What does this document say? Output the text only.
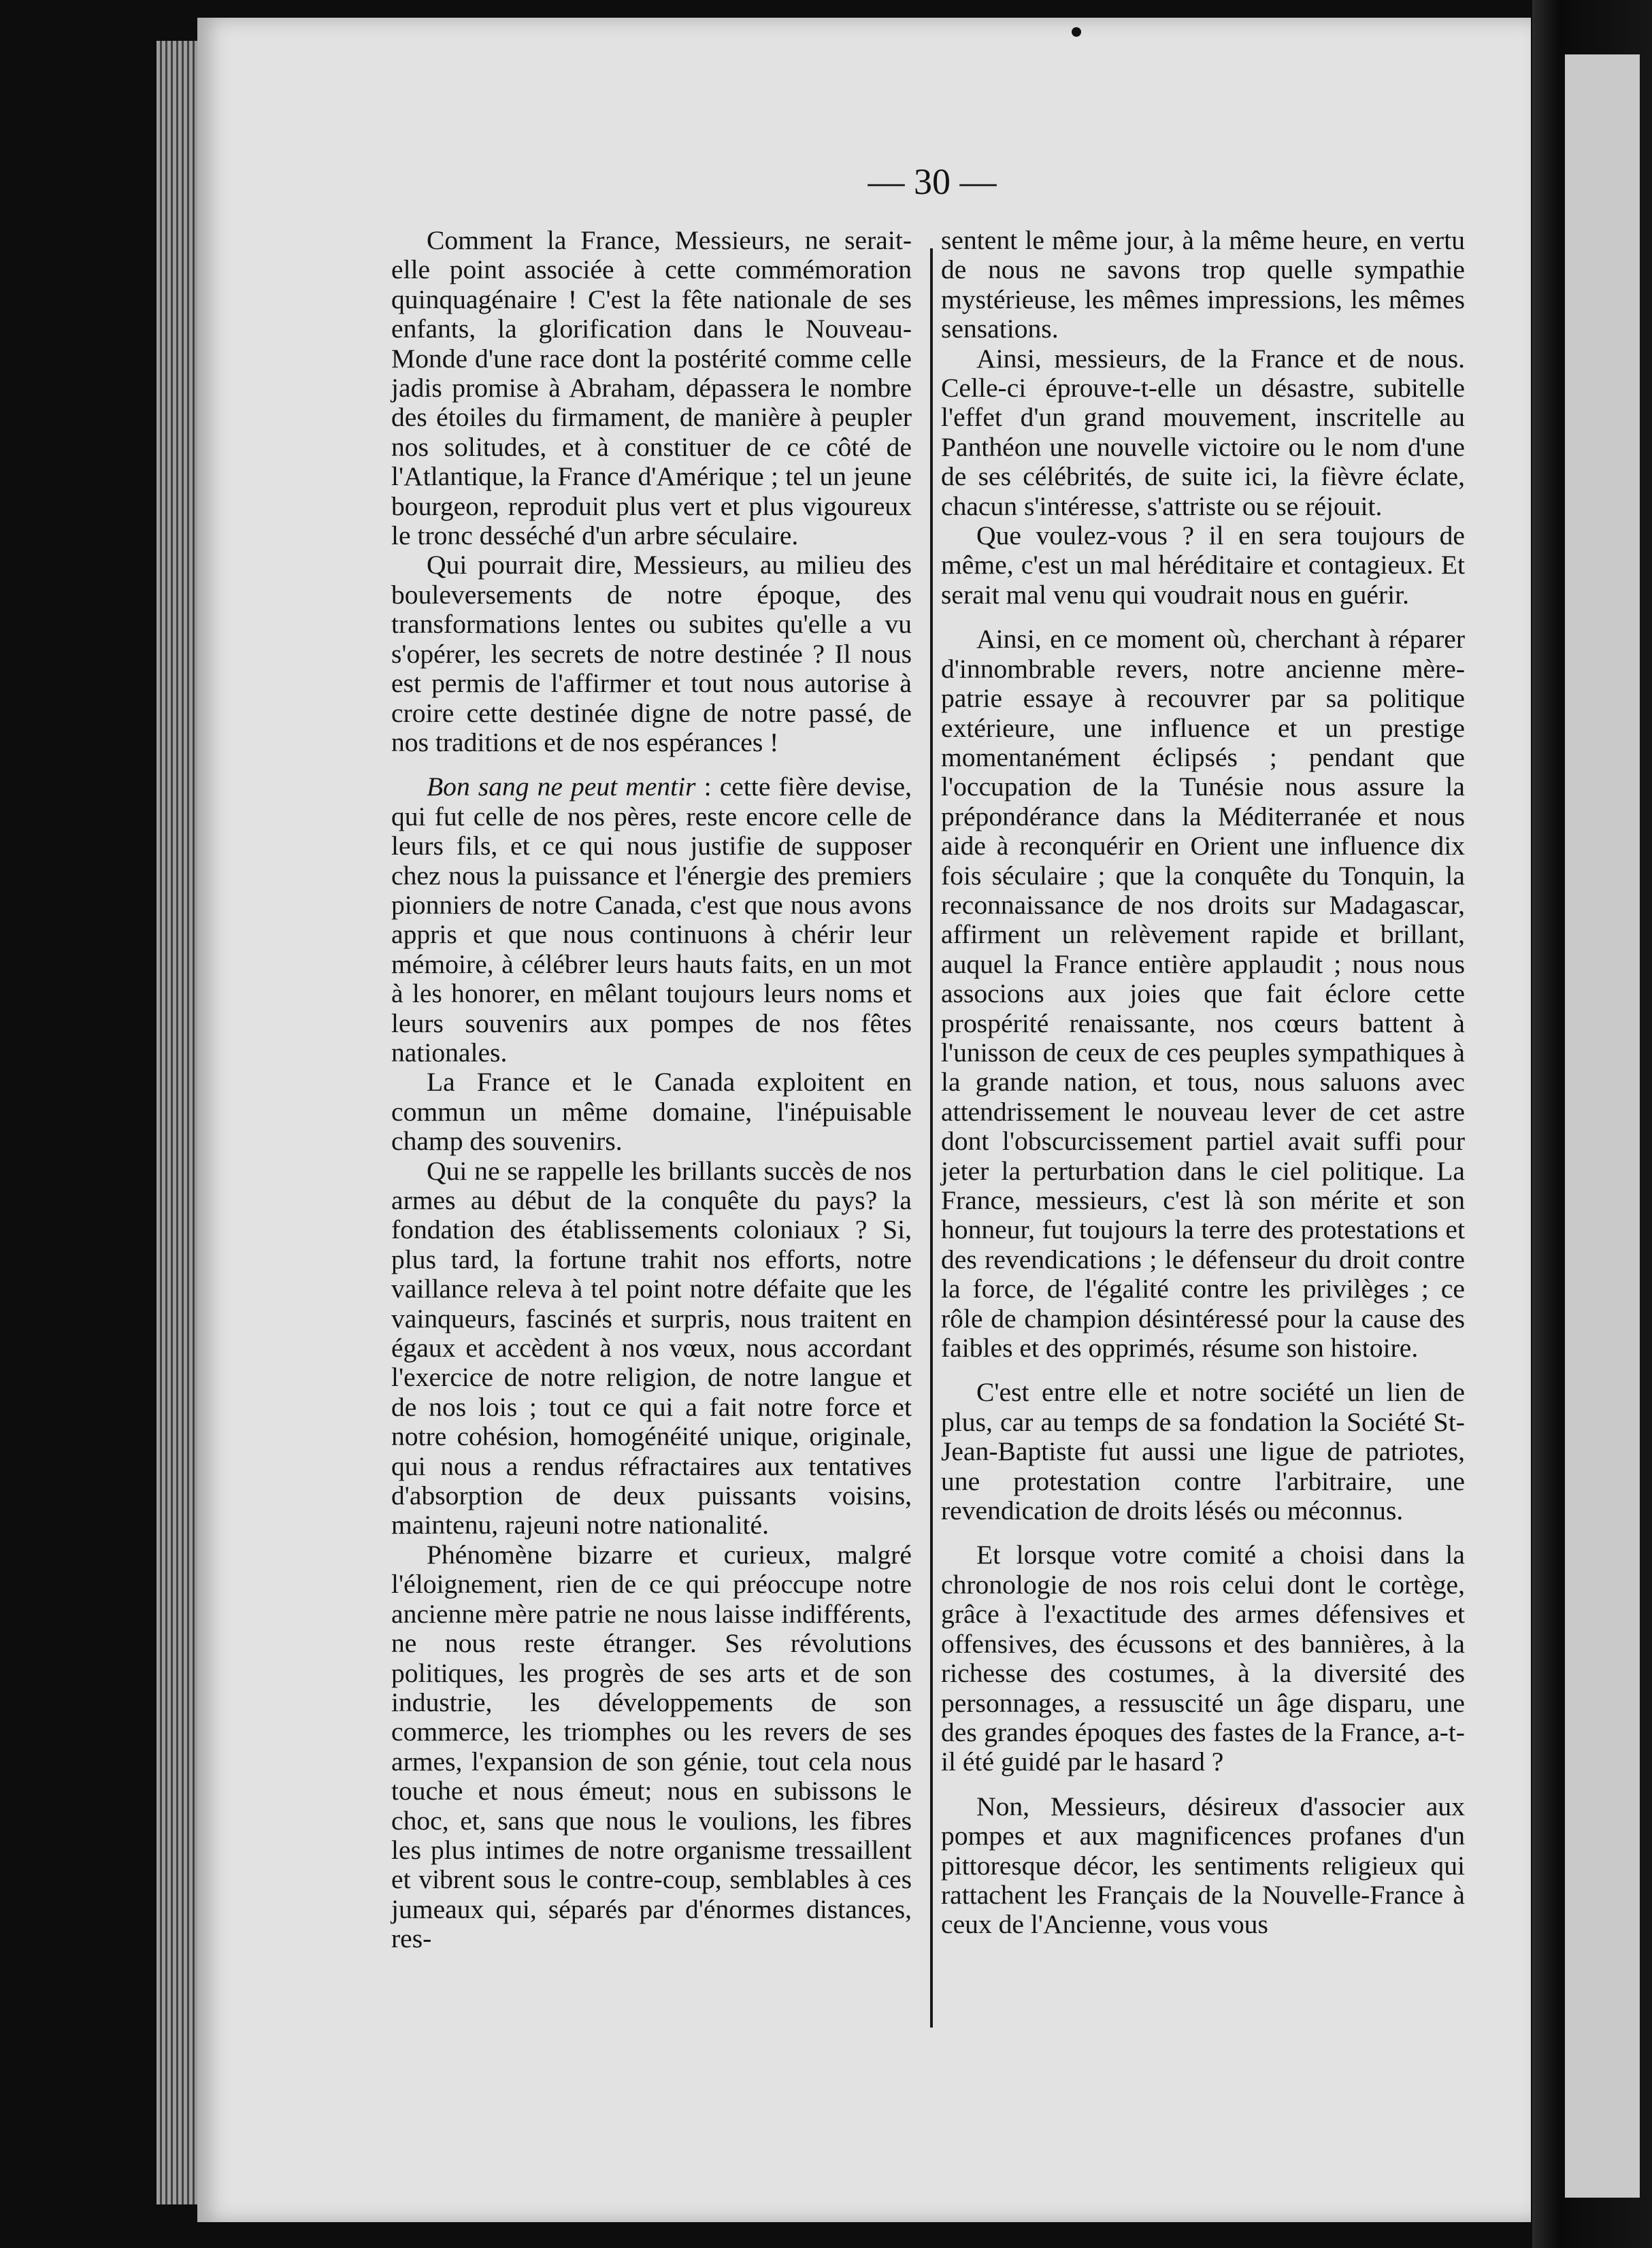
— 30 —

Comment la France, Messieurs, ne serait-elle point associée à cette commémoration quinquagénaire ! C'est la fête nationale de ses enfants, la glorification dans le Nouveau-Monde d'une race dont la postérité comme celle jadis promise à Abraham, dépassera le nombre des étoiles du firmament, de manière à peupler nos solitudes, et à constituer de ce côté de l'Atlantique, la France d'Amérique ; tel un jeune bourgeon, reproduit plus vert et plus vigoureux le tronc desséché d'un arbre séculaire.

Qui pourrait dire, Messieurs, au milieu des bouleversements de notre époque, des transformations lentes ou subites qu'elle a vu s'opérer, les secrets de notre destinée ? Il nous est permis de l'affirmer et tout nous autorise à croire cette destinée digne de notre passé, de nos traditions et de nos espérances !

Bon sang ne peut mentir : cette fière devise, qui fut celle de nos pères, reste encore celle de leurs fils, et ce qui nous justifie de supposer chez nous la puissance et l'énergie des premiers pionniers de notre Canada, c'est que nous avons appris et que nous continuons à chérir leur mémoire, à célébrer leurs hauts faits, en un mot à les honorer, en mêlant toujours leurs noms et leurs souvenirs aux pompes de nos fêtes nationales.

La France et le Canada exploitent en commun un même domaine, l'inépuisable champ des souvenirs.

Qui ne se rappelle les brillants succès de nos armes au début de la conquête du pays? la fondation des établissements coloniaux ? Si, plus tard, la fortune trahit nos efforts, notre vaillance releva à tel point notre défaite que les vainqueurs, fascinés et surpris, nous traitent en égaux et accèdent à nos vœux, nous accordant l'exercice de notre religion, de notre langue et de nos lois ; tout ce qui a fait notre force et notre cohésion, homogénéité unique, originale, qui nous a rendus réfractaires aux tentatives d'absorption de deux puissants voisins, maintenu, rajeuni notre nationalité.

Phénomène bizarre et curieux, malgré l'éloignement, rien de ce qui préoccupe notre ancienne mère patrie ne nous laisse indifférents, ne nous reste étranger. Ses révolutions politiques, les progrès de ses arts et de son industrie, les développements de son commerce, les triomphes ou les revers de ses armes, l'expansion de son génie, tout cela nous touche et nous émeut; nous en subissons le choc, et, sans que nous le voulions, les fibres les plus intimes de notre organisme tressaillent et vibrent sous le contre-coup, semblables à ces jumeaux qui, séparés par d'énormes distances, res-

sentent le même jour, à la même heure, en vertu de nous ne savons trop quelle sympathie mystérieuse, les mêmes impressions, les mêmes sensations.

Ainsi, messieurs, de la France et de nous. Celle-ci éprouve-t-elle un désastre, subitelle l'effet d'un grand mouvement, inscritelle au Panthéon une nouvelle victoire ou le nom d'une de ses célébrités, de suite ici, la fièvre éclate, chacun s'intéresse, s'attriste ou se réjouit.

Que voulez-vous ? il en sera toujours de même, c'est un mal héréditaire et contagieux. Et serait mal venu qui voudrait nous en guérir.

Ainsi, en ce moment où, cherchant à réparer d'innombrable revers, notre ancienne mère-patrie essaye à recouvrer par sa politique extérieure, une influence et un prestige momentanément éclipsés ; pendant que l'occupation de la Tunésie nous assure la prépondérance dans la Méditerranée et nous aide à reconquérir en Orient une influence dix fois séculaire ; que la conquête du Tonquin, la reconnaissance de nos droits sur Madagascar, affirment un relèvement rapide et brillant, auquel la France entière applaudit ; nous nous associons aux joies que fait éclore cette prospérité renaissante, nos cœurs battent à l'unisson de ceux de ces peuples sympathiques à la grande nation, et tous, nous saluons avec attendrissement le nouveau lever de cet astre dont l'obscurcissement partiel avait suffi pour jeter la perturbation dans le ciel politique. La France, messieurs, c'est là son mérite et son honneur, fut toujours la terre des protestations et des revendications ; le défenseur du droit contre la force, de l'égalité contre les privilèges ; ce rôle de champion désintéressé pour la cause des faibles et des opprimés, résume son histoire.

C'est entre elle et notre société un lien de plus, car au temps de sa fondation la Société St-Jean-Baptiste fut aussi une ligue de patriotes, une protestation contre l'arbitraire, une revendication de droits lésés ou méconnus.

Et lorsque votre comité a choisi dans la chronologie de nos rois celui dont le cortège, grâce à l'exactitude des armes défensives et offensives, des écussons et des bannières, à la richesse des costumes, à la diversité des personnages, a ressuscité un âge disparu, une des grandes époques des fastes de la France, a-t-il été guidé par le hasard ?

Non, Messieurs, désireux d'associer aux pompes et aux magnificences profanes d'un pittoresque décor, les sentiments religieux qui rattachent les Français de la Nouvelle-France à ceux de l'Ancienne, vous vous
